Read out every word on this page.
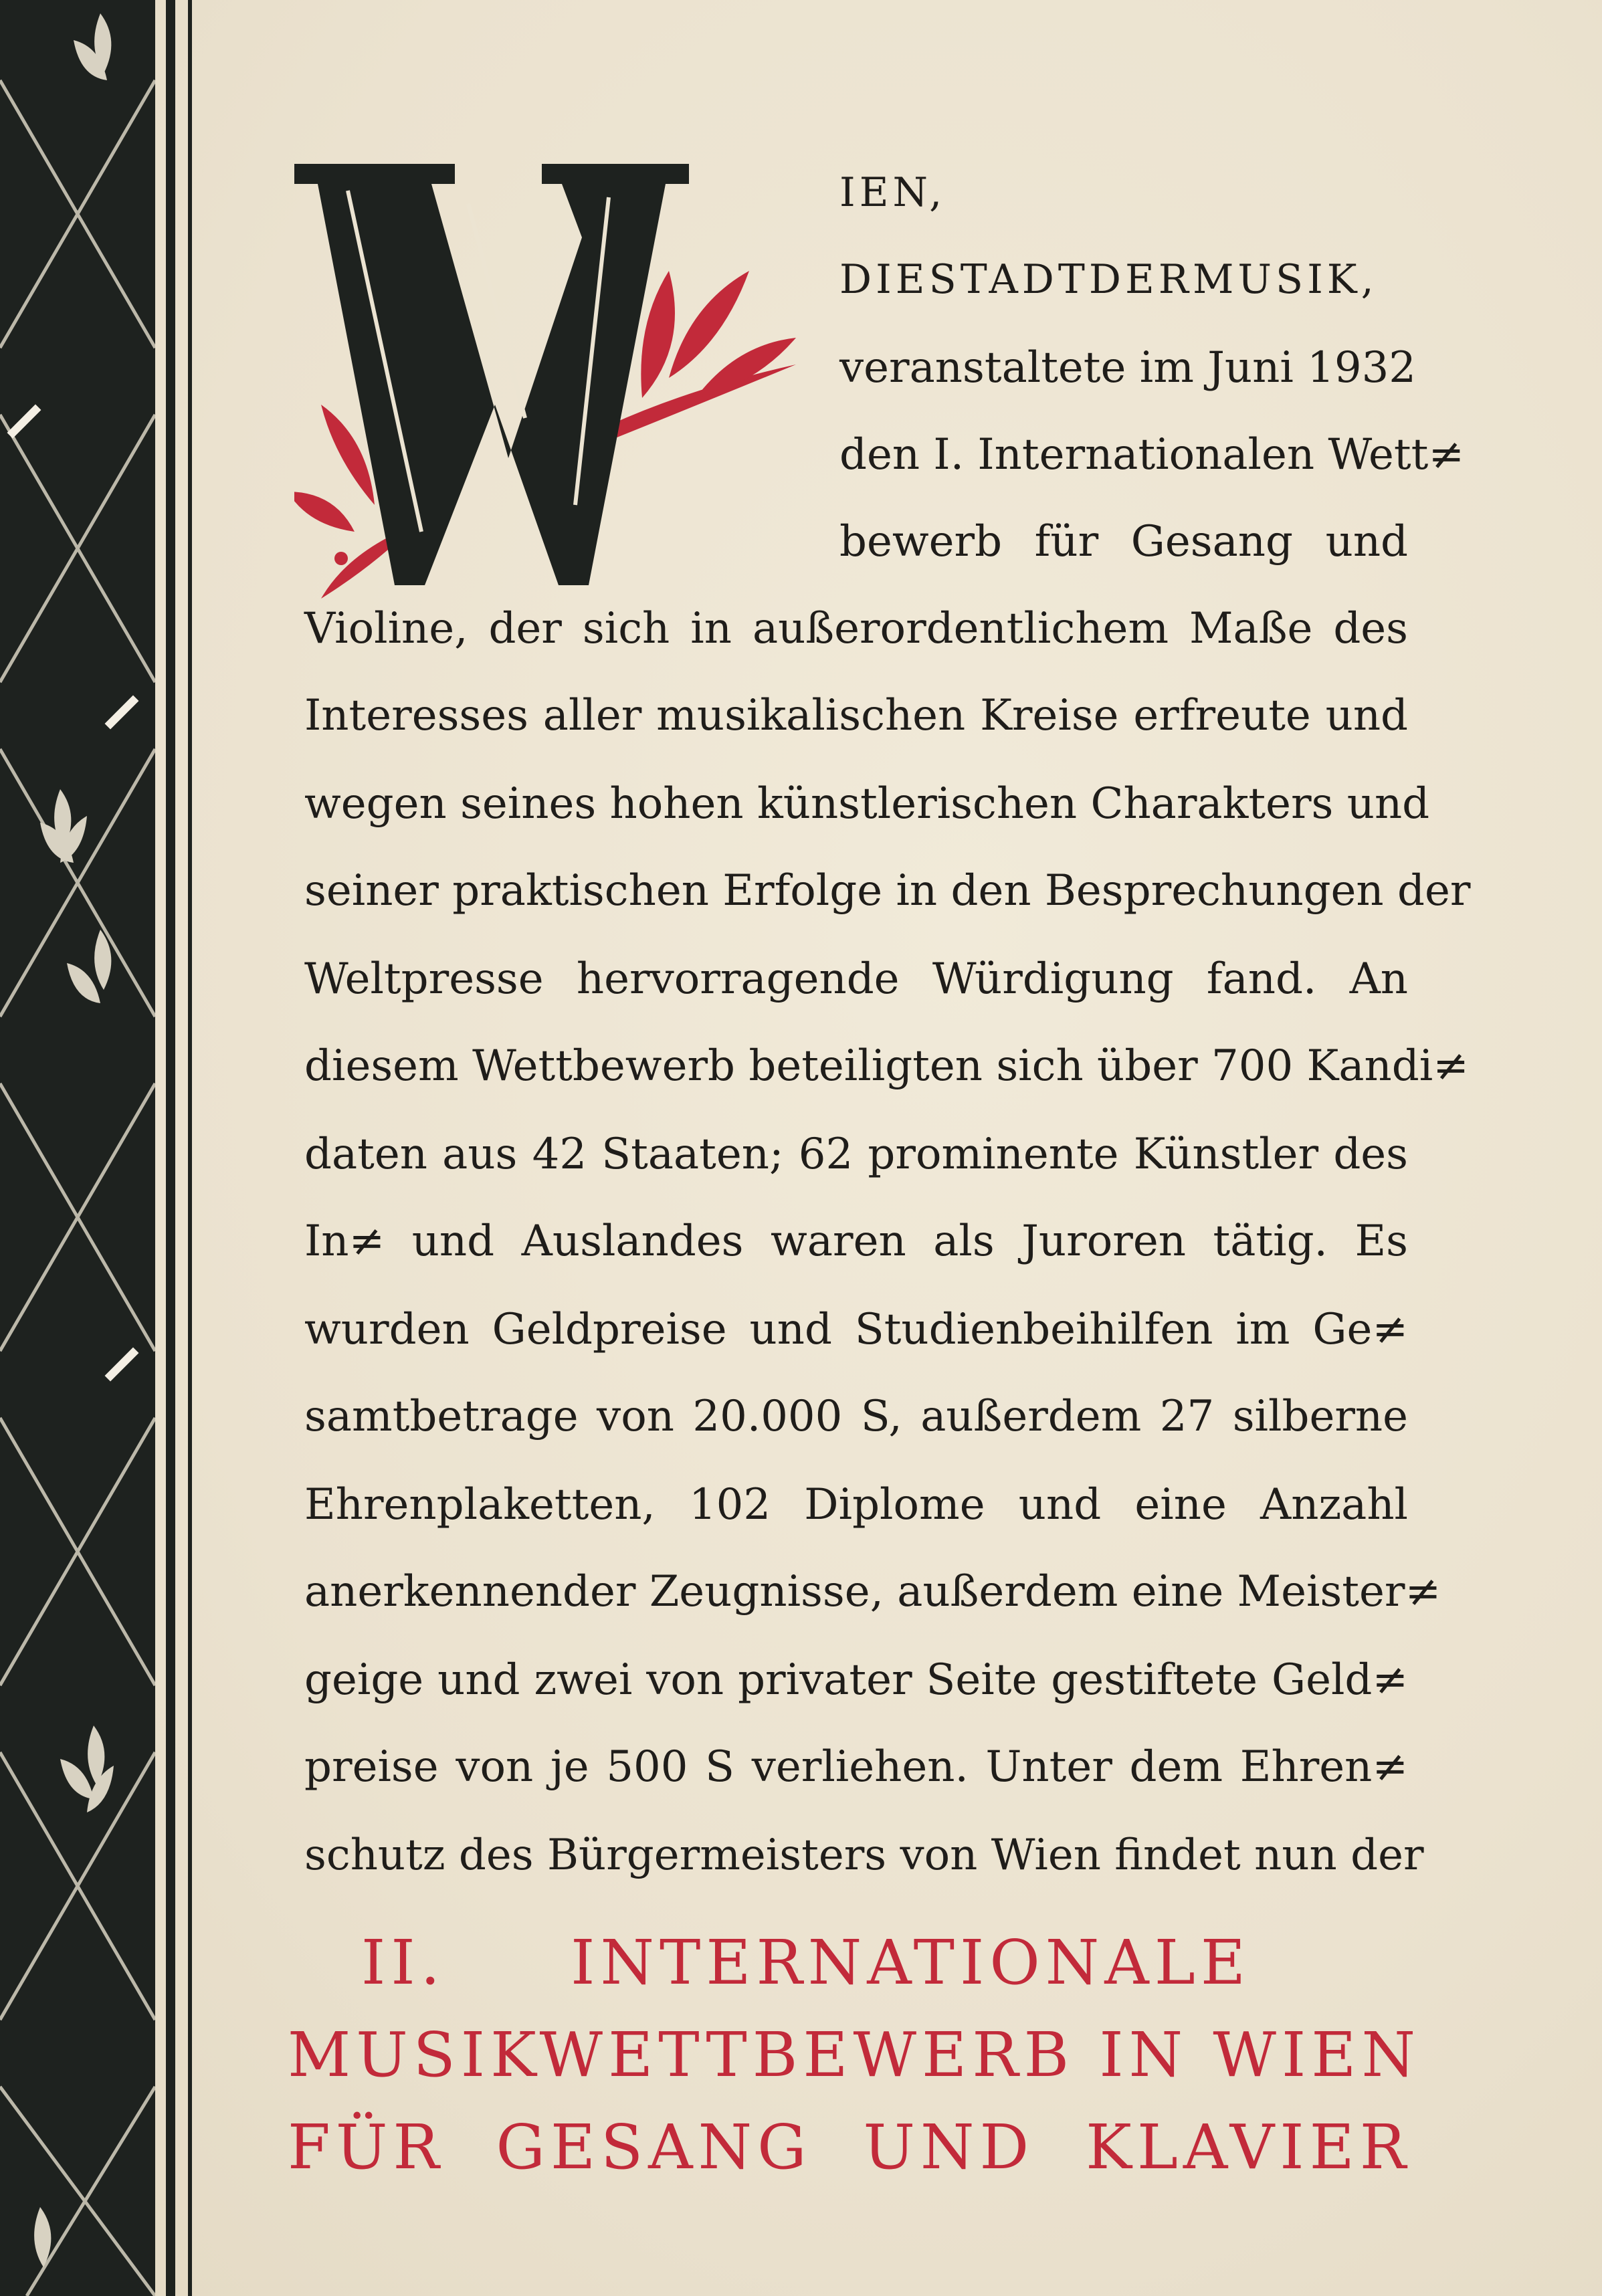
IEN,
DIESTADTDERMUSIK,
veranstaltete im Juni 1932
den I. Internationalen Wett≠
bewerb für Gesang und
Violine, der sich in außerordentlichem Maße des
Interesses aller musikalischen Kreise erfreute und
wegen seines hohen künstlerischen Charakters und
seiner praktischen Erfolge in den Besprechungen der
Weltpresse hervorragende Würdigung fand. An
diesem Wettbewerb beteiligten sich über 700 Kandi≠
daten aus 42 Staaten; 62 prominente Künstler des
In≠ und Auslandes waren als Juroren tätig. Es
wurden Geldpreise und Studienbeihilfen im Ge≠
samtbetrage von 20.000 S, außerdem 27 silberne
Ehrenplaketten, 102 Diplome und eine Anzahl
anerkennender Zeugnisse, außerdem eine Meister≠
geige und zwei von privater Seite gestiftete Geld≠
preise von je 500 S verliehen. Unter dem Ehren≠
schutz des Bürgermeisters von Wien findet nun der
II. INTERNATIONALE
MUSIKWETTBEWERB IN WIEN
FÜR GESANG UND KLAVIER
